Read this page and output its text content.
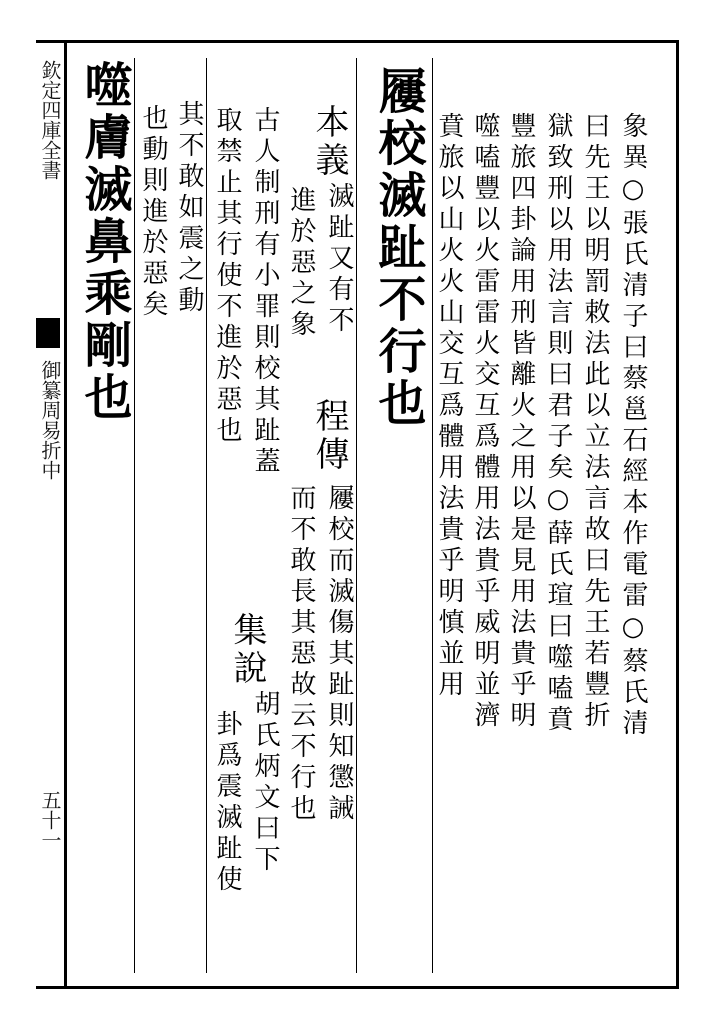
欽定四庫全書
御纂周易折中
五十一
象異○張氏清子曰蔡邕石經本作電雷○蔡氏清
曰先王以明罰敕法此以立法言故曰先王若豐折
獄致刑以用法言則曰君子矣○薛氏瑄曰噬嗑賁
豐旅四卦論用刑皆離火之用以是見用法貴乎明
噬嗑豐以火雷雷火交互爲體用法貴乎威明並濟
賁旅以山火火山交互爲體用法貴乎明慎並用
屨校滅趾不行也
本義
滅趾又有不
進於惡之象
程傳
屨校而滅傷其趾則知懲誡
而不敢長其惡故云不行也
古人制刑有小罪則校其趾蓋
集說
胡氏炳文曰下
取禁止其行使不進於惡也
卦爲震滅趾使
其不敢如震之動
也動則進於惡矣
噬膚滅鼻乘剛也
